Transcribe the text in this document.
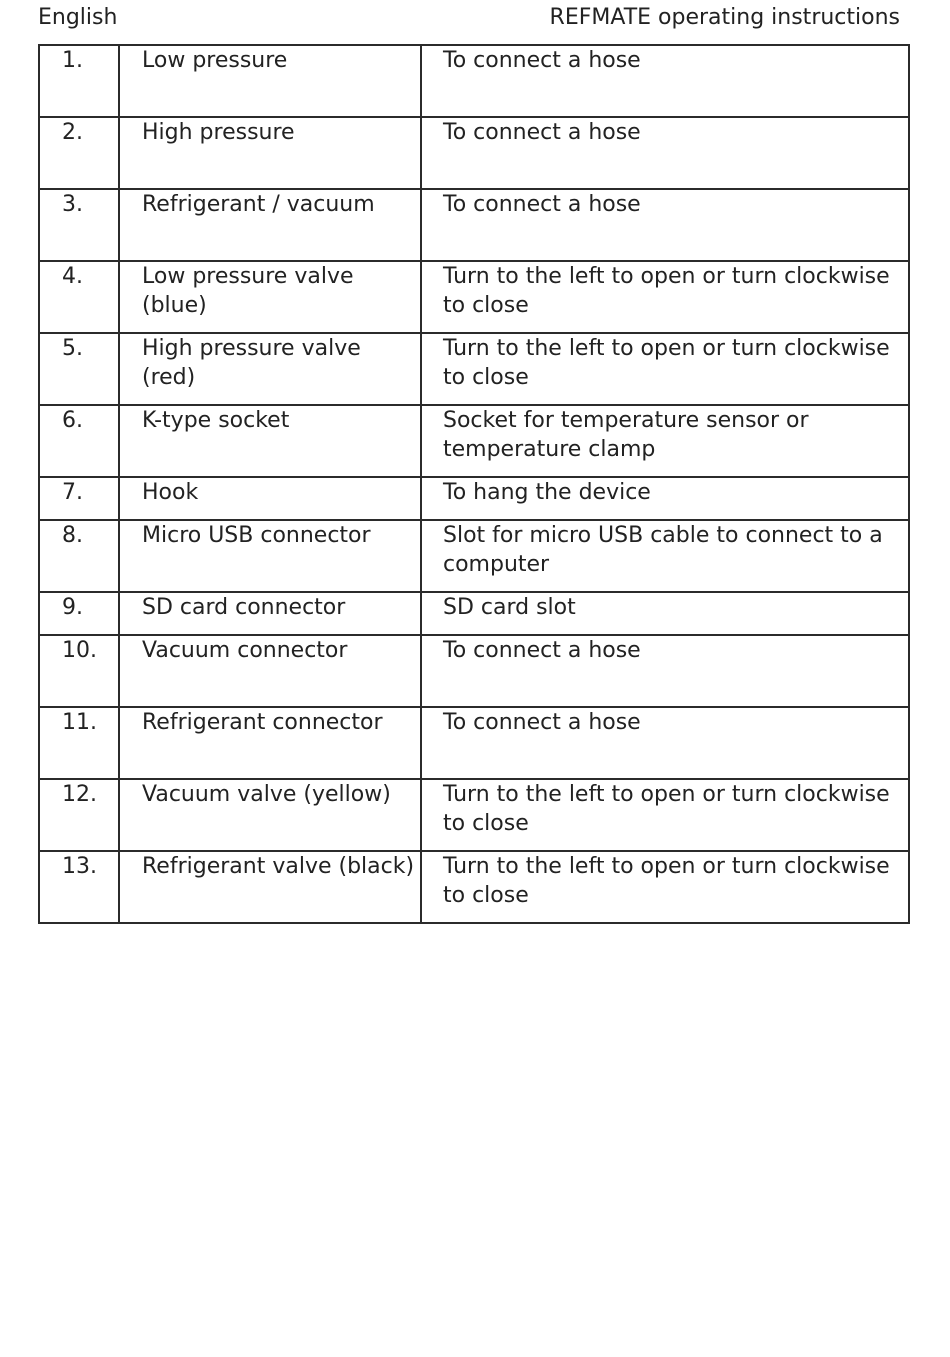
English	REFMATE operating instructions
1.	Low pressure	To connect a hose
2.	High pressure	To connect a hose
3.	Refrigerant / vacuum	To connect a hose
4.	Low pressure valve (blue)	Turn to the left to open or turn clockwise to close
5.	High pressure valve (red)	Turn to the left to open or turn clockwise to close
6.	K-type socket	Socket for temperature sensor or temperature clamp
7.	Hook	To hang the device
8.	Micro USB connector	Slot for micro USB cable to connect to a computer
9.	SD card connector	SD card slot
10.	Vacuum connector	To connect a hose
11.	Refrigerant connector	To connect a hose
12.	Vacuum valve (yellow)	Turn to the left to open or turn clockwise to close
13.	Refrigerant valve (black)	Turn to the left to open or turn clockwise to close
